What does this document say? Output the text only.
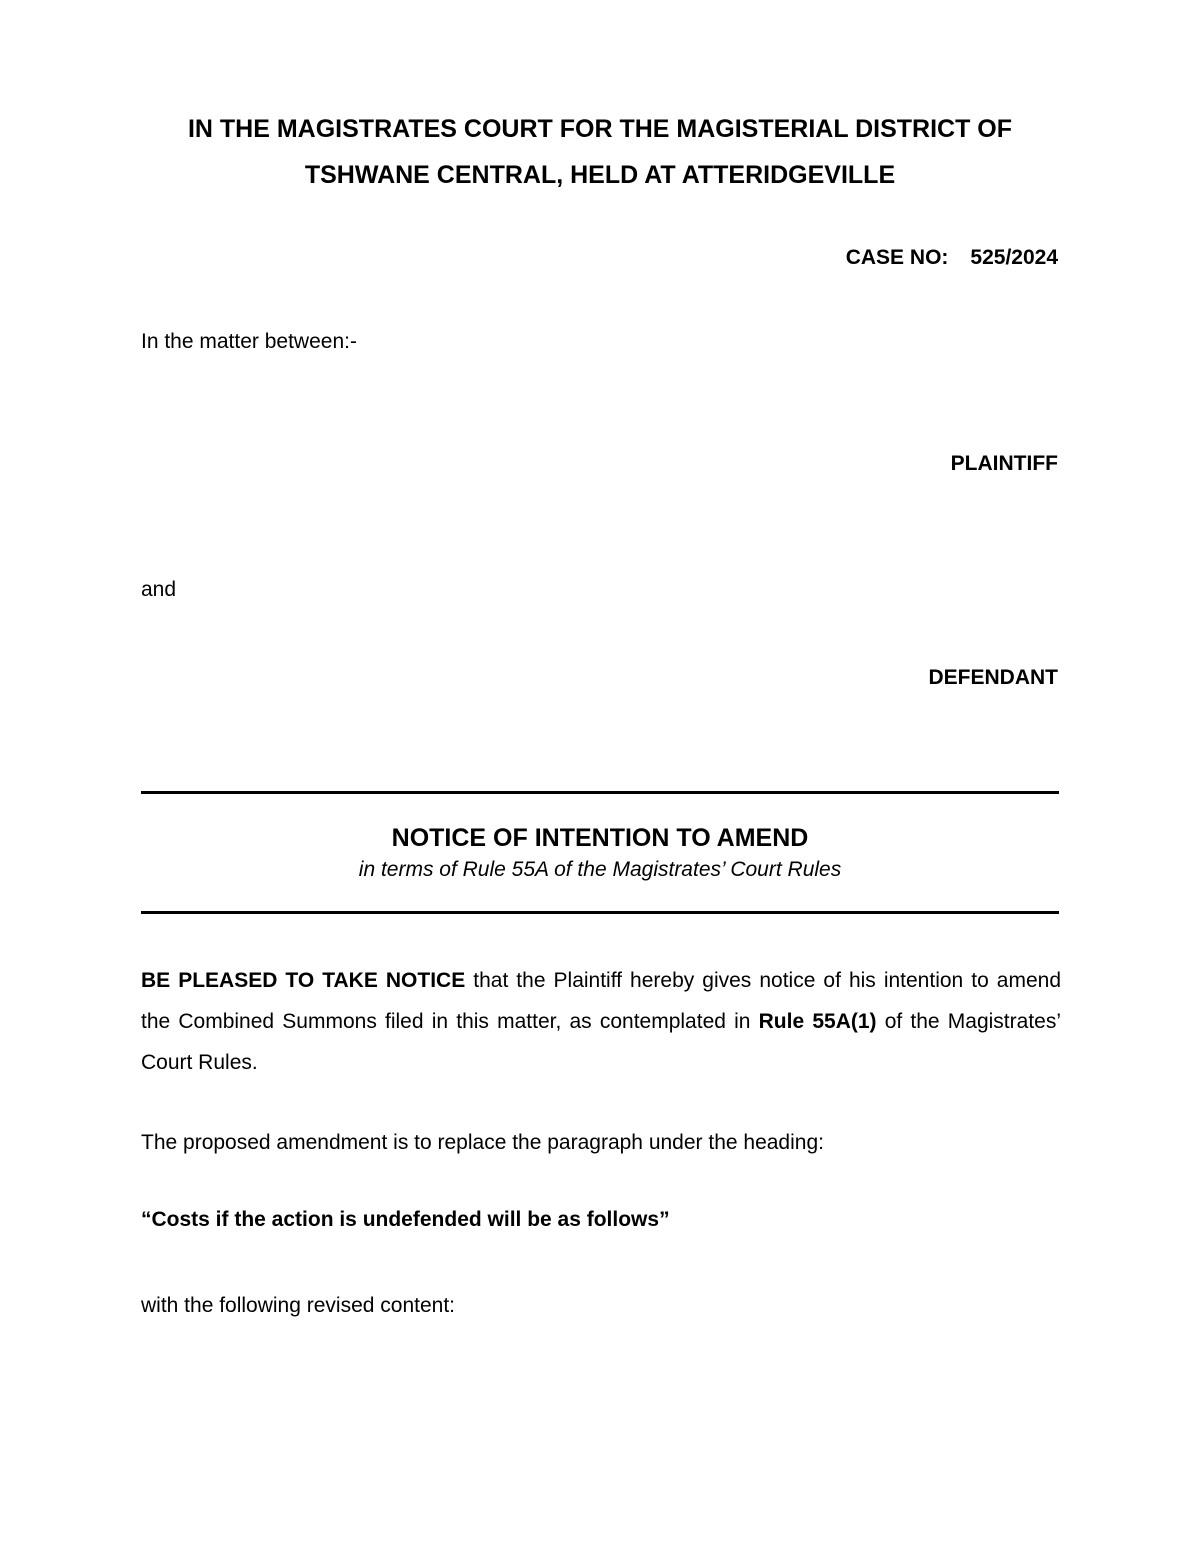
IN THE MAGISTRATES COURT FOR THE MAGISTERIAL DISTRICT OF
TSHWANE CENTRAL, HELD AT ATTERIDGEVILLE
CASE NO: 525/2024
In the matter between:-
PLAINTIFF
and
DEFENDANT
NOTICE OF INTENTION TO AMEND
in terms of Rule 55A of the Magistrates’ Court Rules

BE PLEASED TO TAKE NOTICE that the Plaintiff hereby gives notice of his intention to amend the Combined Summons filed in this matter, as contemplated in Rule 55A(1) of the Magistrates’ Court Rules.

The proposed amendment is to replace the paragraph under the heading:

“Costs if the action is undefended will be as follows”

with the following revised content:
